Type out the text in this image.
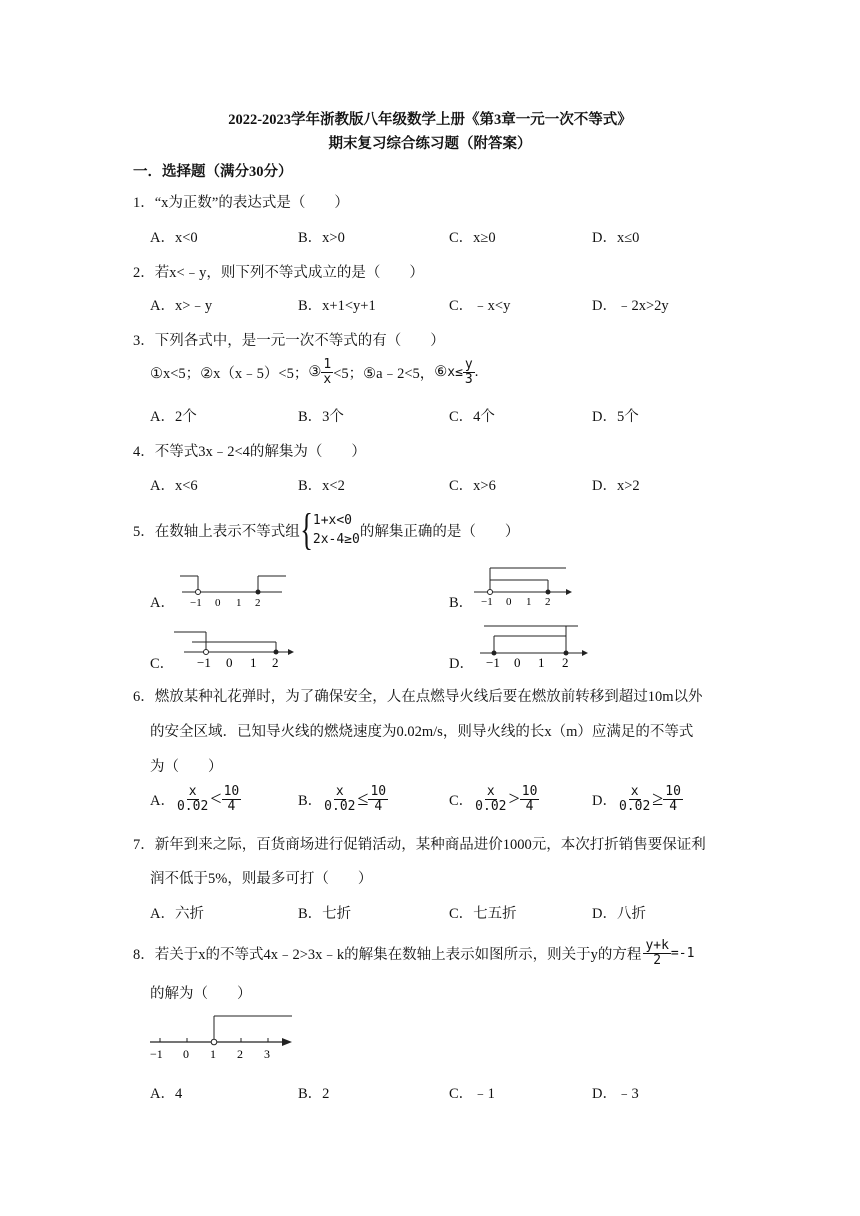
2022-2023学年浙教版八年级数学上册《第3章一元一次不等式》
期末复习综合练习题（附答案）
一．选择题（满分30分）
1．“x为正数”的表达式是（　　）
A．x<0	B．x>0	C．x≥0	D．x≤0
2．若x<﹣y，则下列不等式成立的是（　　）
A．x>﹣y	B．x+1<y+1	C．﹣x<y	D．﹣2x>2y
3．下列各式中，是一元一次不等式的有（　　）
①x<5； ②x（x﹣5）<5； ③ $\frac{1}{x} <5$； ⑤a﹣2<5， ⑥ $x\le \frac{y}{3}$ .
A．2个	B．3个	C．4个	D．5个
4．不等式3x﹣2<4的解集为（　　）
A．x<6	B．x<2	C．x>6	D．x>2
5．在数轴上表示不等式组 { 1+x<0
2x-4≥0 的解集正确的是（　　）
A． −1 0 1 2	B． −1 0 1 2
C． −1 0 1 2	D． −1 0 1 2
6．燃放某种礼花弹时，为了确保安全，人在点燃导火线后要在燃放前转移到超过10m以外
的安全区域．已知导火线的燃烧速度为0.02m/s，则导火线的长x（m）应满足的不等式
为（　　）
A． $\frac{x}{0.02} < \frac{10}{4}$	B． $\frac{x}{0.02} \le \frac{10}{4}$	C． $\frac{x}{0.02} > \frac{10}{4}$	D． $\frac{x}{0.02} \ge \frac{10}{4}$
7．新年到来之际，百货商场进行促销活动，某种商品进价1000元，本次打折销售要保证利
润不低于5%，则最多可打（　　）
A．六折	B．七折	C．七五折	D．八折
8．若关于x的不等式4x﹣2>3x﹣k的解集在数轴上表示如图所示，则关于y的方程 $\frac{y+k}{2} =-1$
的解为（　　）
−1 0 1 2 3
A．4	B．2	C．﹣1	D．﹣3
